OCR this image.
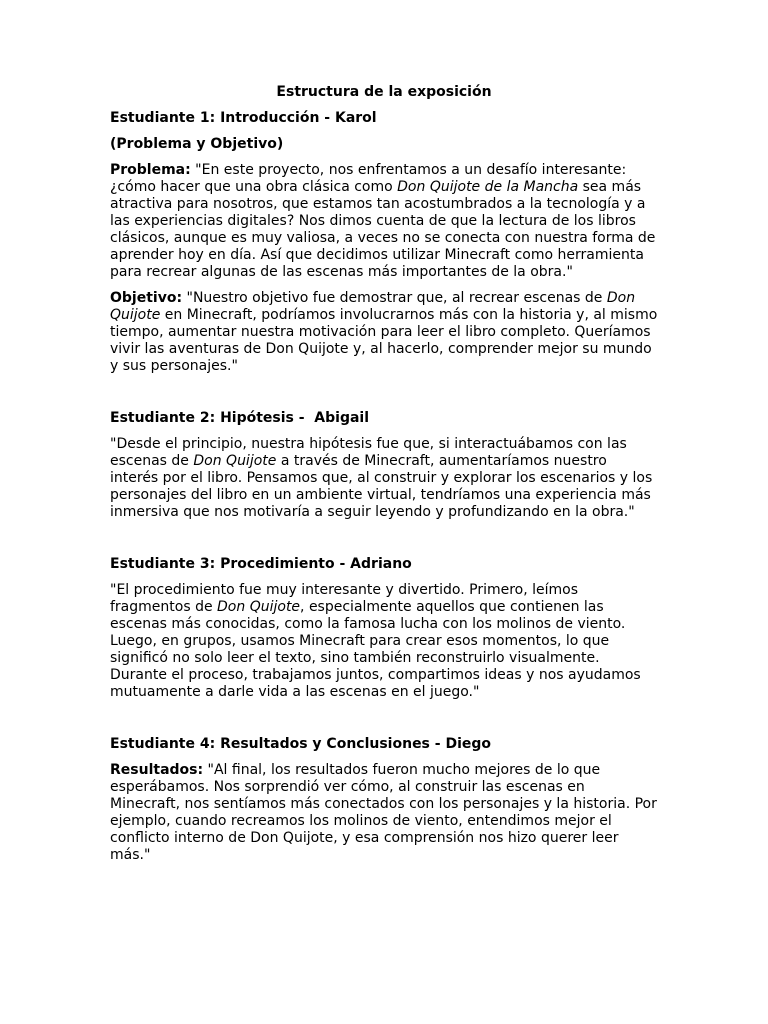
Estructura de la exposición
Estudiante 1: Introducción - Karol
(Problema y Objetivo)

Problema: "En este proyecto, nos enfrentamos a un desafío interesante: ¿cómo hacer que una obra clásica como Don Quijote de la Mancha sea más atractiva para nosotros, que estamos tan acostumbrados a la tecnología y a las experiencias digitales? Nos dimos cuenta de que la lectura de los libros clásicos, aunque es muy valiosa, a veces no se conecta con nuestra forma de aprender hoy en día. Así que decidimos utilizar Minecraft como herramienta para recrear algunas de las escenas más importantes de la obra."

Objetivo: "Nuestro objetivo fue demostrar que, al recrear escenas de Don Quijote en Minecraft, podríamos involucrarnos más con la historia y, al mismo tiempo, aumentar nuestra motivación para leer el libro completo. Queríamos vivir las aventuras de Don Quijote y, al hacerlo, comprender mejor su mundo y sus personajes."

Estudiante 2: Hipótesis -  Abigail

"Desde el principio, nuestra hipótesis fue que, si interactuábamos con las escenas de Don Quijote a través de Minecraft, aumentaríamos nuestro interés por el libro. Pensamos que, al construir y explorar los escenarios y los personajes del libro en un ambiente virtual, tendríamos una experiencia más inmersiva que nos motivaría a seguir leyendo y profundizando en la obra."

Estudiante 3: Procedimiento - Adriano

"El procedimiento fue muy interesante y divertido. Primero, leímos fragmentos de Don Quijote, especialmente aquellos que contienen las escenas más conocidas, como la famosa lucha con los molinos de viento. Luego, en grupos, usamos Minecraft para crear esos momentos, lo que significó no solo leer el texto, sino también reconstruirlo visualmente. Durante el proceso, trabajamos juntos, compartimos ideas y nos ayudamos mutuamente a darle vida a las escenas en el juego."

Estudiante 4: Resultados y Conclusiones - Diego

Resultados: "Al final, los resultados fueron mucho mejores de lo que esperábamos. Nos sorprendió ver cómo, al construir las escenas en Minecraft, nos sentíamos más conectados con los personajes y la historia. Por ejemplo, cuando recreamos los molinos de viento, entendimos mejor el conflicto interno de Don Quijote, y esa comprensión nos hizo querer leer más."
